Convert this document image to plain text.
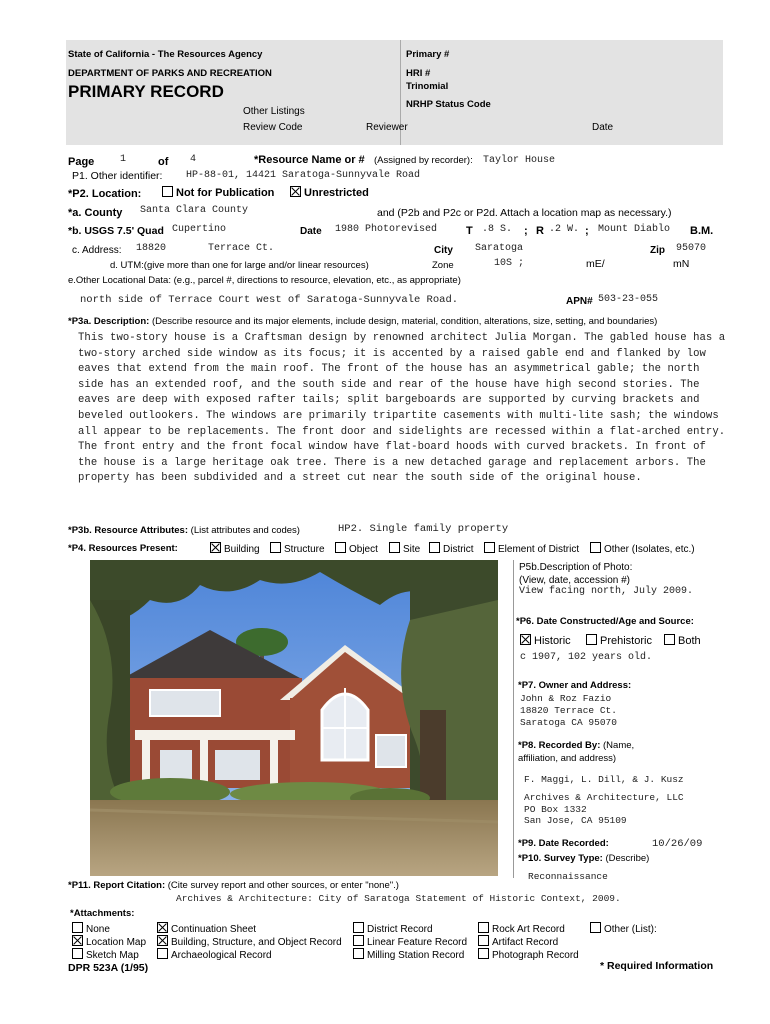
State of California - The Resources Agency
DEPARTMENT OF PARKS AND RECREATION
PRIMARY RECORD
Primary #
HRI #
Trinomial
NRHP Status Code
Other Listings
Review Code	Reviewer	Date
Page	1	of 4	*Resource Name or # (Assigned by recorder): Taylor House
P1. Other identifier: HP-88-01, 14421 Saratoga-Sunnyvale Road
*P2. Location:	Not for Publication	Unrestricted
*a. County Santa Clara County	and (P2b and P2c or P2d. Attach a location map as necessary.)
*b. USGS 7.5' Quad Cupertino	Date 1980 Photorevised	T .8 S. ; R .2 W. ; Mount Diablo B.M.
c. Address: 18820	Terrace Ct.	City Saratoga	Zip 95070
d. UTM:(give more than one for large and/or linear resources)	Zone	10S ;	mE/	mN
e.Other Locational Data: (e.g., parcel #, directions to resource, elevation, etc., as appropriate)
north side of Terrace Court west of Saratoga-Sunnyvale Road.	APN# 503-23-055
*P3a. Description: (Describe resource and its major elements, include design, material, condition, alterations, size, setting, and boundaries)
This two-story house is a Craftsman design by renowned architect Julia Morgan. The gabled house has a two-story arched side window as its focus; it is accented by a raised gable end and flanked by low eaves that extend from the main roof. The front of the house has an asymmetrical gable; the north side has an extended roof, and the south side and rear of the house have high second stories. The eaves are deep with exposed rafter tails; split bargeboards are supported by curving brackets and beveled outlookers. The windows are primarily tripartite casements with multi-lite sash; the windows all appear to be replacements. The front door and sidelights are recessed within a flat-arched entry. The front entry and the front focal window have flat-board hoods with curved brackets. In front of the house is a large heritage oak tree. There is a new detached garage and replacement arbors. The property has been subdivided and a street cut near the south side of the original house.
*P3b. Resource Attributes: (List attributes and codes)	HP2. Single family property
*P4. Resources Present:	Building	Structure	Object	Site	District	Element of District	Other (Isolates, etc.)
P5b.Description of Photo:
(View, date, accession #)
View facing north, July 2009.
*P6. Date Constructed/Age and Source:
Historic	Prehistoric	Both
c 1907, 102 years old.
*P7. Owner and Address:
John & Roz Fazio
18820 Terrace Ct.
Saratoga CA 95070
*P8. Recorded By: (Name,
affiliation, and address)
F. Maggi, L. Dill, & J. Kusz
Archives & Architecture, LLC
PO Box 1332
San Jose, CA 95109
*P9. Date Recorded:	10/26/09
*P10. Survey Type: (Describe)
Reconnaissance
*P11. Report Citation: (Cite survey report and other sources, or enter "none".)
Archives & Architecture: City of Saratoga Statement of Historic Context, 2009.
*Attachments:
None
Location Map
Sketch Map
Continuation Sheet
Building, Structure, and Object Record
Archaeological Record
District Record
Linear Feature Record
Milling Station Record
Rock Art Record
Artifact Record
Photograph Record
Other (List):
DPR 523A (1/95)	* Required Information
